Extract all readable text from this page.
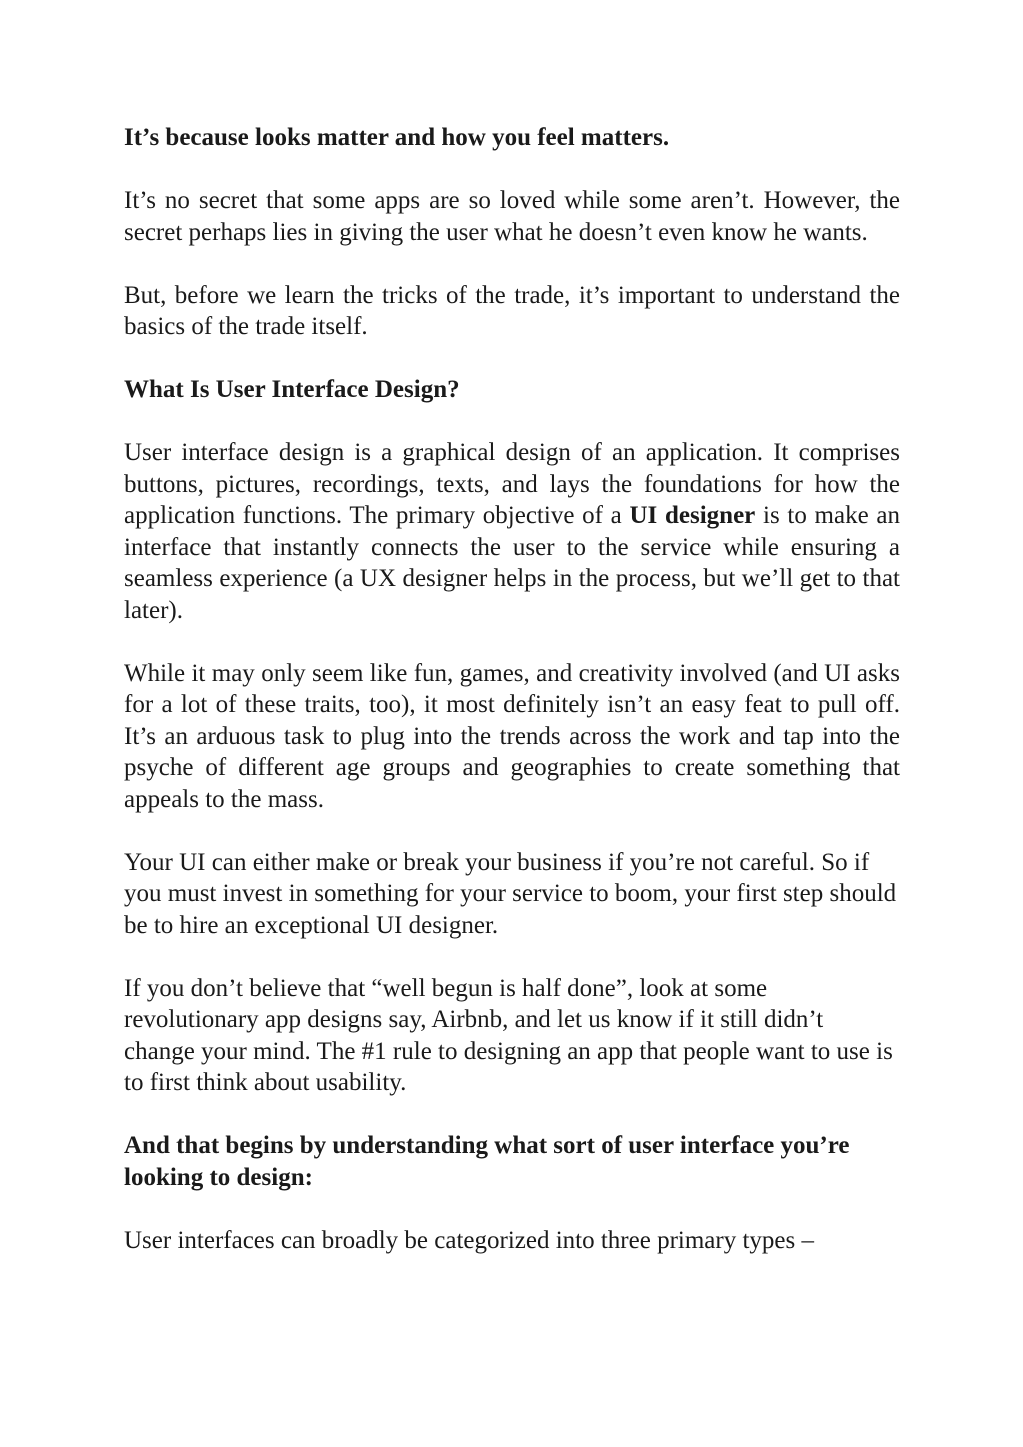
It’s because looks matter and how you feel matters.

It’s no secret that some apps are so loved while some aren’t. However, the secret perhaps lies in giving the user what he doesn’t even know he wants.

But, before we learn the tricks of the trade, it’s important to understand the basics of the trade itself.

What Is User Interface Design?

User interface design is a graphical design of an application. It comprises buttons, pictures, recordings, texts, and lays the foundations for how the application functions. The primary objective of a UI designer is to make an interface that instantly connects the user to the service while ensuring a seamless experience (a UX designer helps in the process, but we’ll get to that later).

While it may only seem like fun, games, and creativity involved (and UI asks for a lot of these traits, too), it most definitely isn’t an easy feat to pull off. It’s an arduous task to plug into the trends across the work and tap into the psyche of different age groups and geographies to create something that appeals to the mass.

Your UI can either make or break your business if you’re not careful. So if you must invest in something for your service to boom, your first step should be to hire an exceptional UI designer.

If you don’t believe that “well begun is half done”, look at some revolutionary app designs say, Airbnb, and let us know if it still didn’t change your mind. The #1 rule to designing an app that people want to use is to first think about usability.

And that begins by understanding what sort of user interface you’re looking to design:

User interfaces can broadly be categorized into three primary types –
